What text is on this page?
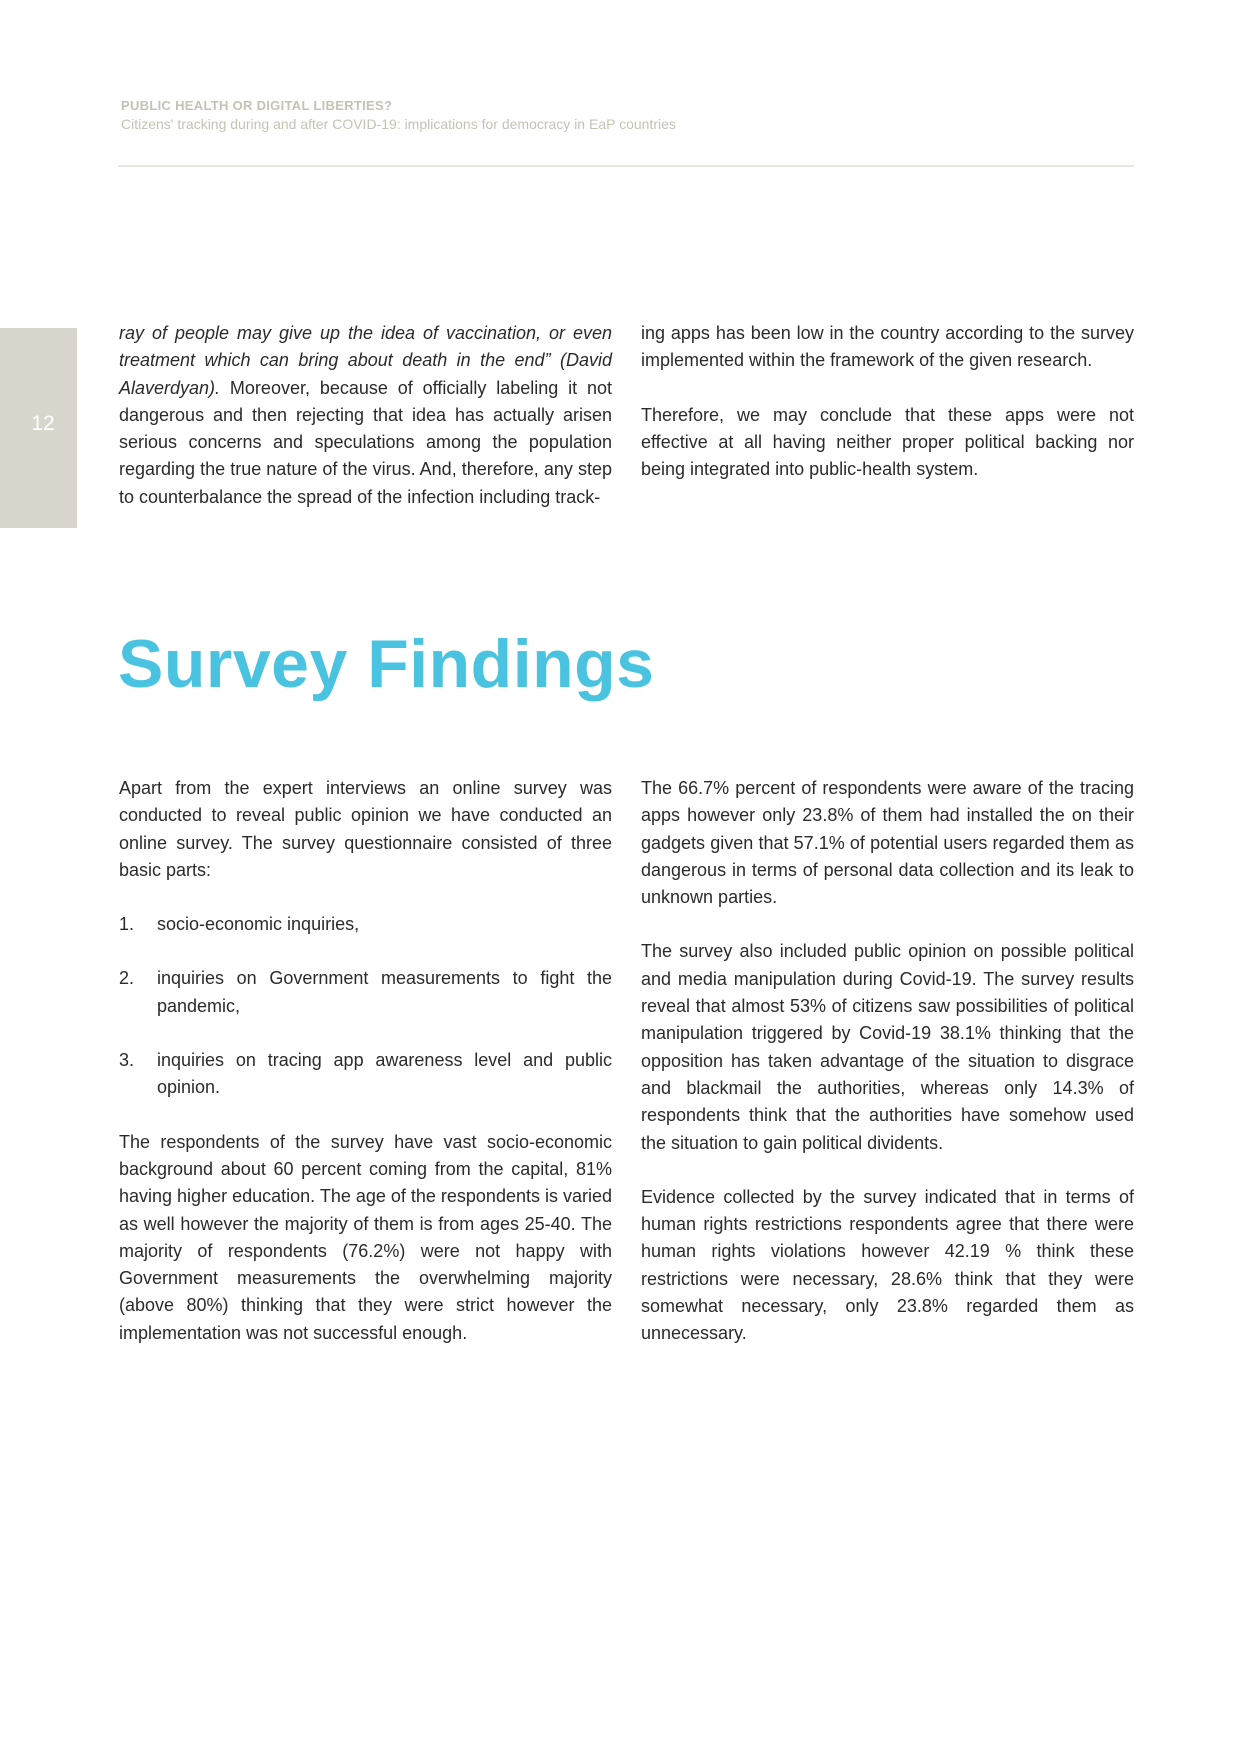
PUBLIC HEALTH OR DIGITAL LIBERTIES?

Citizens' tracking during and after COVID-19: implications for democracy in EaP countries

12

ray of people may give up the idea of vaccination, or even treatment which can bring about death in the end” (David Alaverdyan). Moreover, because of officially labeling it not dangerous and then rejecting that idea has actually arisen serious concerns and speculations among the population regarding the true nature of the virus. And, therefore, any step to counterbalance the spread of the infection including track-

ing apps has been low in the country according to the survey implemented within the framework of the given research.

Therefore, we may conclude that these apps were not effective at all having neither proper political backing nor being integrated into public-health system.

Survey Findings

Apart from the expert interviews an online survey was conducted to reveal public opinion we have conducted an online survey. The survey questionnaire consisted of three basic parts:

1.	socio-economic inquiries,
2.	inquiries on Government measurements to fight the pandemic,
3.	inquiries on tracing app awareness level and public opinion.

The respondents of the survey have vast socio-economic background about 60 percent coming from the capital, 81% having higher education. The age of the respondents is varied as well however the majority of them is from ages 25-40. The majority of respondents (76.2%) were not happy with Government measurements the overwhelming majority (above 80%) thinking that they were strict however the implementation was not successful enough.

The 66.7% percent of respondents were aware of the tracing apps however only 23.8% of them had installed the on their gadgets given that 57.1% of potential users regarded them as dangerous in terms of personal data collection and its leak to unknown parties.

The survey also included public opinion on possible political and media manipulation during Covid-19. The survey results reveal that almost 53% of citizens saw possibilities of political manipulation triggered by Covid-19 38.1% thinking that the opposition has taken advantage of the situation to disgrace and blackmail the authorities, whereas only 14.3% of respondents think that the authorities have somehow used the situation to gain political dividents.

Evidence collected by the survey indicated that in terms of human rights restrictions respondents agree that there were human rights violations however 42.19 % think these restrictions were necessary, 28.6% think that they were somewhat necessary, only 23.8% regarded them as unnecessary.
